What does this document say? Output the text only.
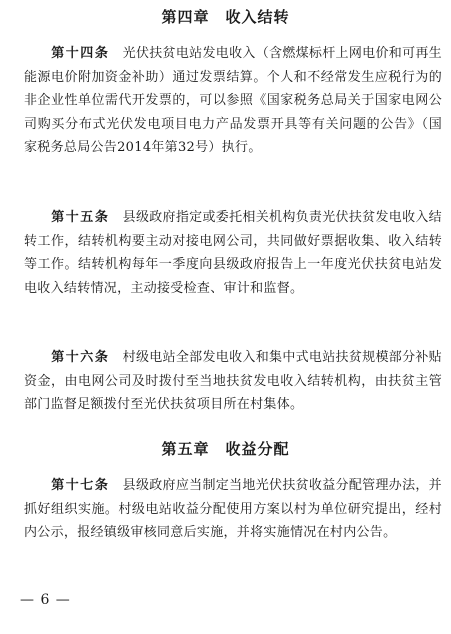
第四章　收入结转
第十四条　 光伏扶贫电站发电收入（含燃煤标杆上网电价和可再生能源电价附加资金补助）通过发票结算。个人和不经常发生应税行为的非企业性单位需代开发票的，可以参照《国家税务总局关于国家电网公司购买分布式光伏发电项目电力产品发票开具等有关问题的公告》（国家税务总局公告2014年第32号）执行。
第十五条　 县级政府指定或委托相关机构负责光伏扶贫发电收入结转工作，结转机构要主动对接电网公司，共同做好票据收集、收入结转等工作。结转机构每年一季度向县级政府报告上一年度光伏扶贫电站发电收入结转情况，主动接受检查、审计和监督。
第十六条　 村级电站全部发电收入和集中式电站扶贫规模部分补贴资金，由电网公司及时拨付至当地扶贫发电收入结转机构，由扶贫主管部门监督足额拨付至光伏扶贫项目所在村集体。
第五章　收益分配
第十七条　 县级政府应当制定当地光伏扶贫收益分配管理办法，并抓好组织实施。村级电站收益分配使用方案以村为单位研究提出，经村内公示，报经镇级审核同意后实施，并将实施情况在村内公告。
— 6 —
